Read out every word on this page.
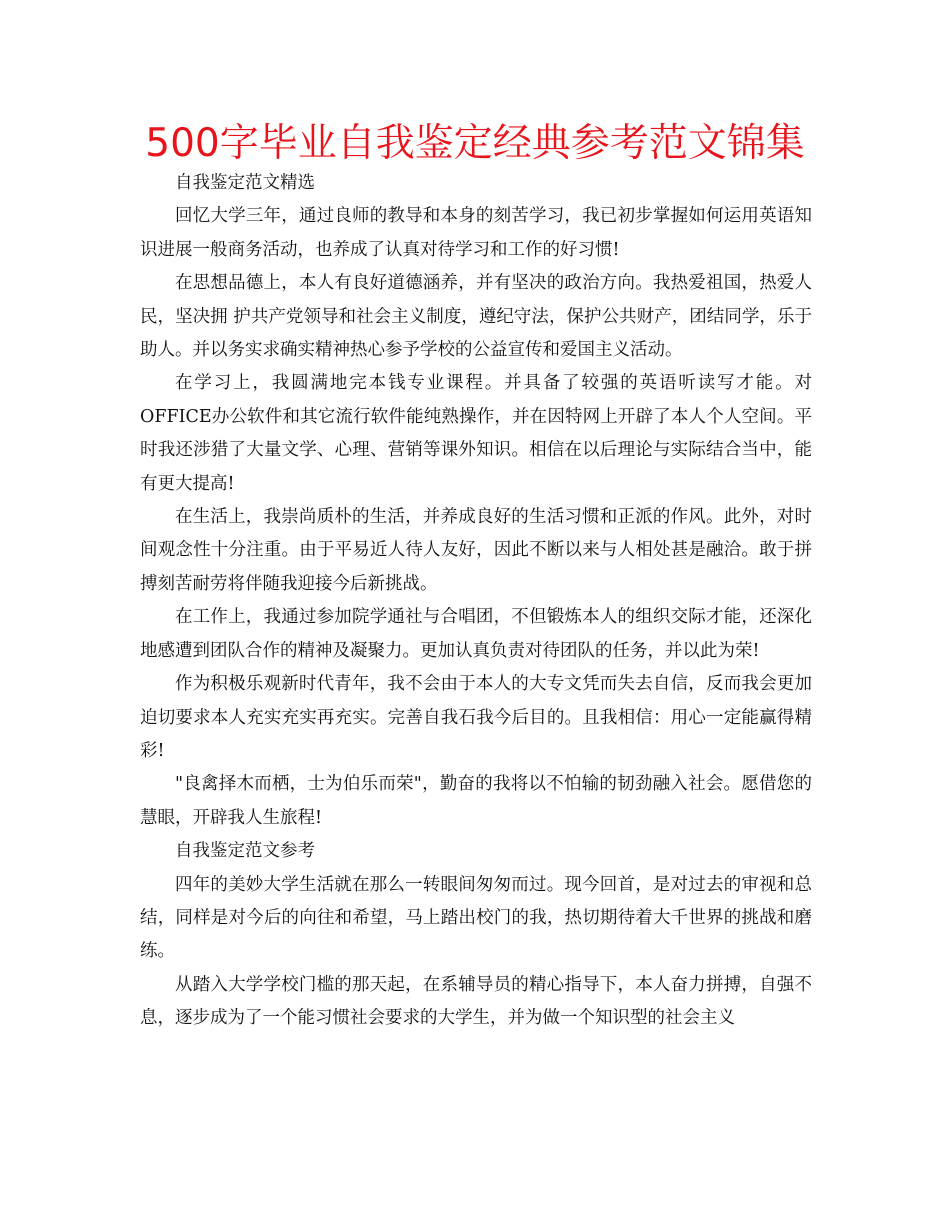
500字毕业自我鉴定经典参考范文锦集

自我鉴定范文精选

回忆大学三年，通过良师的教导和本身的刻苦学习，我已初步掌握如何运用英语知识进展一般商务活动，也养成了认真对待学习和工作的好习惯!

在思想品德上，本人有良好道德涵养，并有坚决的政治方向。我热爱祖国，热爱人民，坚决拥 护共产党领导和社会主义制度，遵纪守法，保护公共财产，团结同学，乐于助人。并以务实求确实精神热心参予学校的公益宣传和爱国主义活动。

在学习上，我圆满地完本钱专业课程。并具备了较强的英语听读写才能。对OFFICE办公软件和其它流行软件能纯熟操作，并在因特网上开辟了本人个人空间。平时我还涉猎了大量文学、心理、营销等课外知识。相信在以后理论与实际结合当中，能有更大提高!

在生活上，我崇尚质朴的生活，并养成良好的生活习惯和正派的作风。此外，对时间观念性十分注重。由于平易近人待人友好，因此不断以来与人相处甚是融洽。敢于拼搏刻苦耐劳将伴随我迎接今后新挑战。

在工作上，我通过参加院学通社与合唱团，不但锻炼本人的组织交际才能，还深化地感遭到团队合作的精神及凝聚力。更加认真负责对待团队的任务，并以此为荣!

作为积极乐观新时代青年，我不会由于本人的大专文凭而失去自信，反而我会更加迫切要求本人充实充实再充实。完善自我石我今后目的。且我相信：用心一定能赢得精彩!

"良禽择木而栖，士为伯乐而荣"，勤奋的我将以不怕输的韧劲融入社会。愿借您的慧眼，开辟我人生旅程!

自我鉴定范文参考

四年的美妙大学生活就在那么一转眼间匆匆而过。现今回首，是对过去的审视和总结，同样是对今后的向往和希望，马上踏出校门的我，热切期待着大千世界的挑战和磨练。

从踏入大学学校门槛的那天起，在系辅导员的精心指导下，本人奋力拼搏，自强不息，逐步成为了一个能习惯社会要求的大学生，并为做一个知识型的社会主义
